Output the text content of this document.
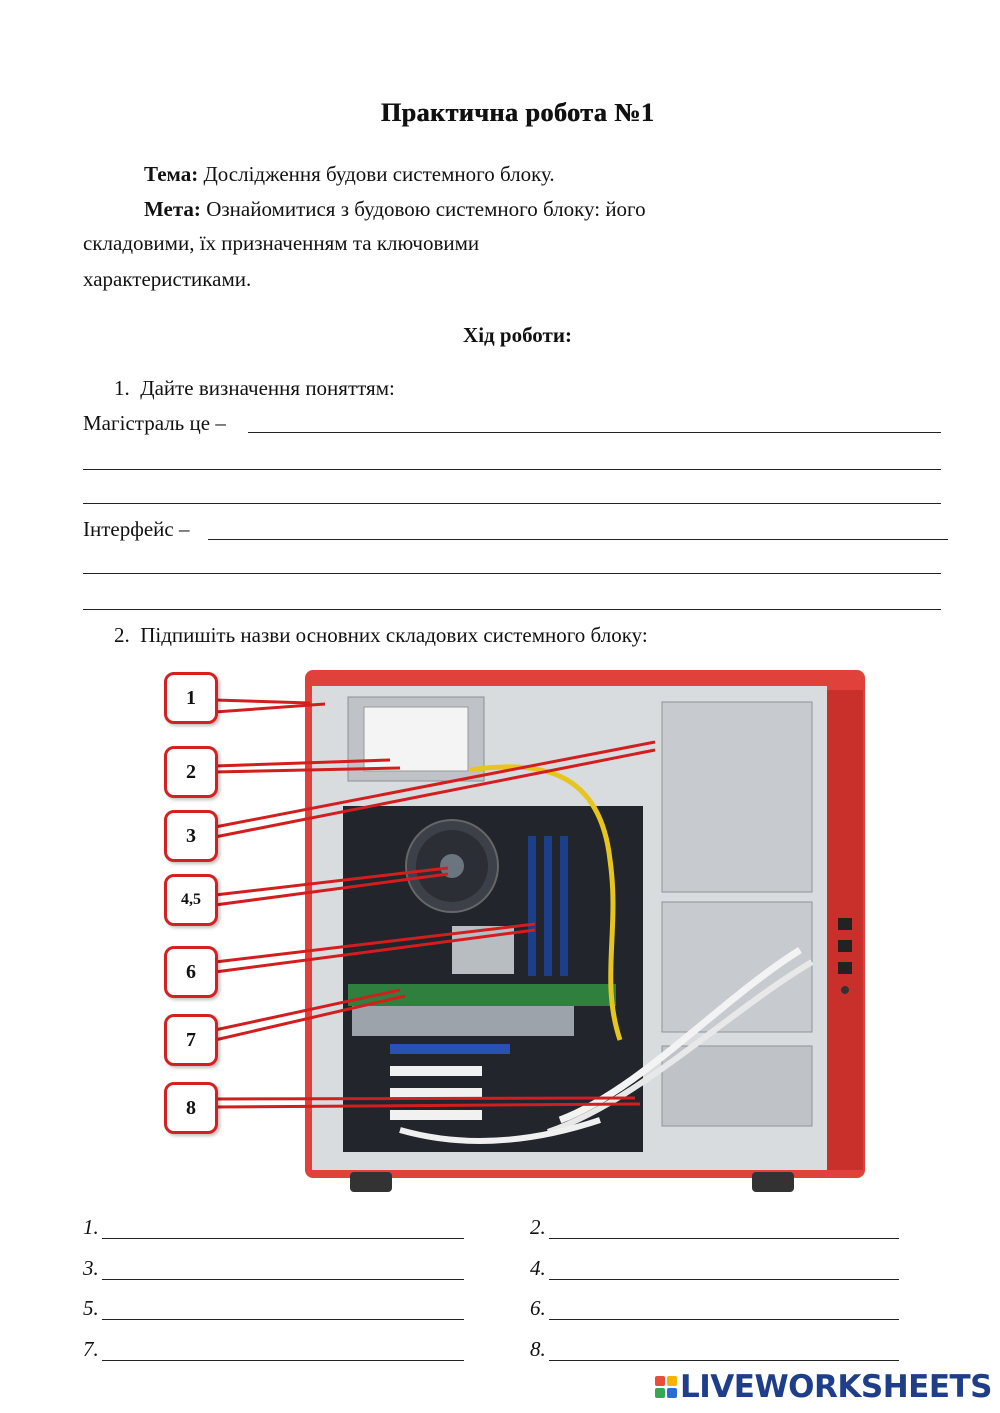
Практична робота №1
Тема: Дослідження будови системного блоку.
Мета: Ознайомитися з будовою системного блоку: його
складовими, їх призначенням та ключовими
характеристиками.
Хід роботи:
1. Дайте визначення поняттям:
Магістраль це –
Інтерфейс –
2. Підпишіть назви основних складових системного блоку:
1
2
3
4,5
6
7
8
1.	2.
3.	4.
5.	6.
7.	8.
LIVEWORKSHEETS
